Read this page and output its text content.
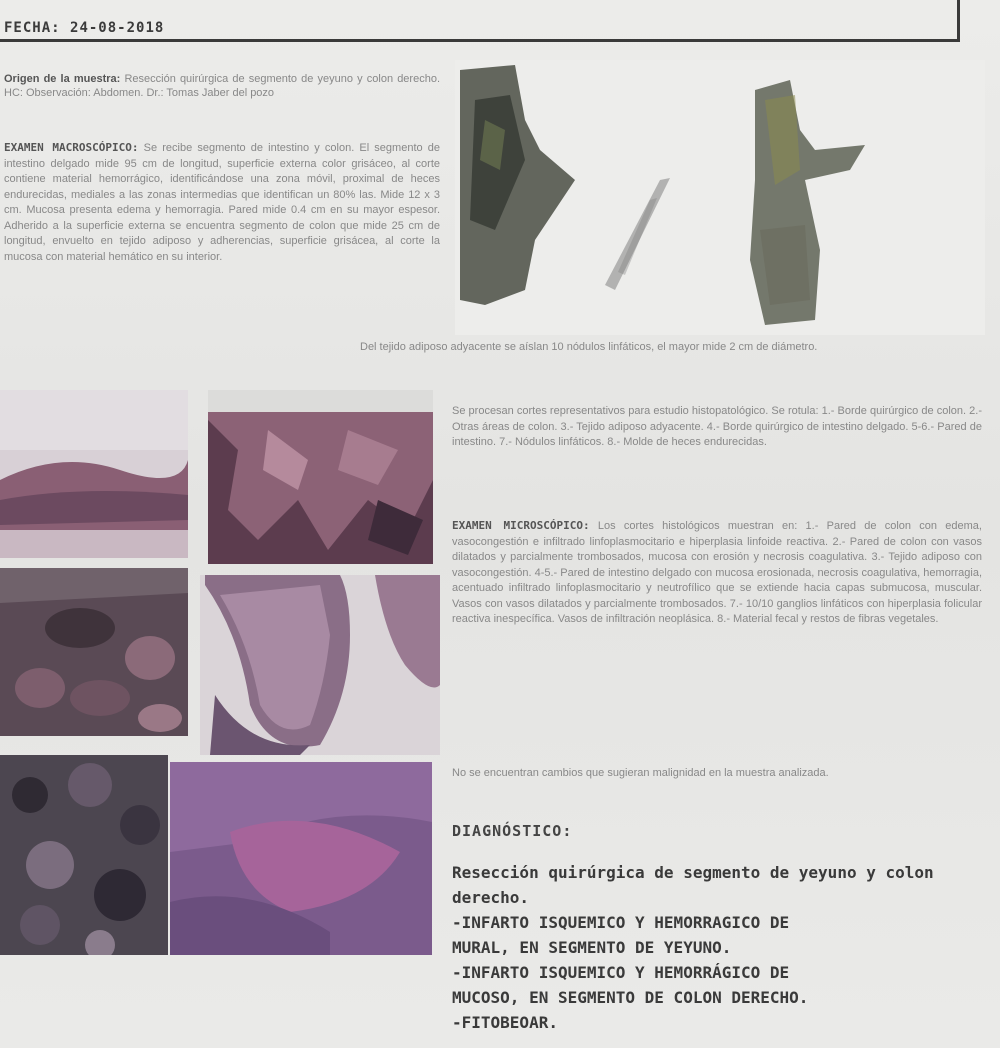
FECHA: 24-08-2018
Origen de la muestra: Resección quirúrgica de segmento de yeyuno y colon derecho. HC: Observación: Abdomen. Dr.: Tomas Jaber del pozo
EXAMEN MACROSCÓPICO: Se recibe segmento de intestino y colon. El segmento de intestino delgado mide 95 cm de longitud, superficie externa color grisáceo, al corte contiene material hemorrágico, identificándose una zona móvil, proximal de heces endurecidas, mediales a las zonas intermedias que identifican un 80% las. Mide 12 x 3 cm. Mucosa presenta edema y hemorragia. Pared mide 0.4 cm en su mayor espesor. Adherido a la superficie externa se encuentra segmento de colon que mide 25 cm de longitud, envuelto en tejido adiposo y adherencias, superficie grisácea, al corte la mucosa con material hemático en su interior.
Del tejido adiposo adyacente se aíslan 10 nódulos linfáticos, el mayor mide 2 cm de diámetro.
Se procesan cortes representativos para estudio histopatológico. Se rotula: 1.- Borde quirúrgico de colon. 2.- Otras áreas de colon. 3.- Tejido adiposo adyacente. 4.- Borde quirúrgico de intestino delgado. 5-6.- Pared de intestino. 7.- Nódulos linfáticos. 8.- Molde de heces endurecidas.
EXAMEN MICROSCÓPICO: Los cortes histológicos muestran en: 1.- Pared de colon con edema, vasocongestión e infiltrado linfoplasmocitario e hiperplasia linfoide reactiva. 2.- Pared de colon con vasos dilatados y parcialmente trombosados, mucosa con erosión y necrosis coagulativa. 3.- Tejido adiposo con vasocongestión. 4-5.- Pared de intestino delgado con mucosa erosionada, necrosis coagulativa, hemorragia, acentuado infiltrado linfoplasmocitario y neutrofílico que se extiende hacia capas submucosa, muscular. Vasos con vasos dilatados y parcialmente trombosados. 7.- 10/10 ganglios linfáticos con hiperplasia folicular reactiva inespecífica. Vasos de infiltración neoplásica. 8.- Material fecal y restos de fibras vegetales.
No se encuentran cambios que sugieran malignidad en la muestra analizada.
DIAGNÓSTICO:
Resección quirúrgica de segmento de yeyuno y colon
derecho.
-INFARTO ISQUEMICO Y HEMORRAGICO DE
MURAL, EN SEGMENTO DE YEYUNO.
-INFARTO ISQUEMICO Y HEMORRÁGICO DE
MUCOSO, EN SEGMENTO DE COLON DERECHO.
-FITOBEOAR.
